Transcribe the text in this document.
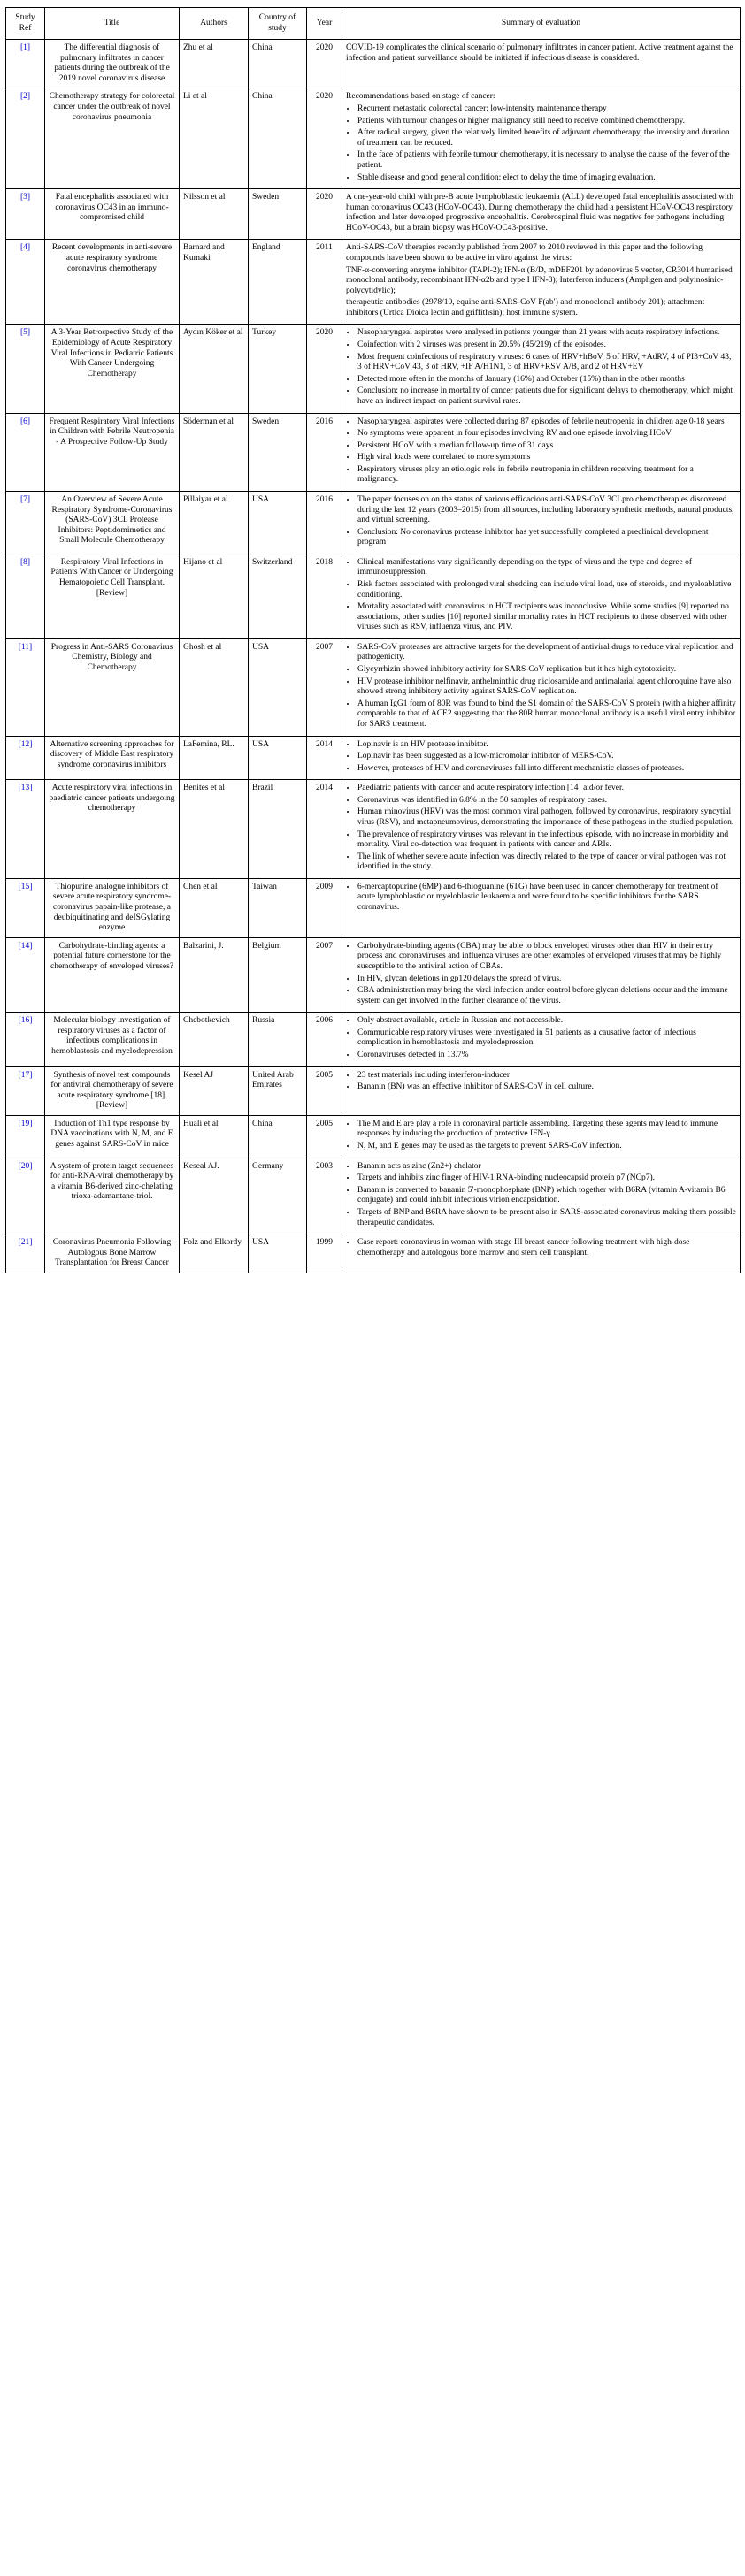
Study Ref	Title	Authors	Country of study	Year	Summary of evaluation
[1]	The differential diagnosis of pulmonary infiltrates in cancer patients during the outbreak of the 2019 novel coronavirus disease	Zhu et al	China	2020	COVID-19 complicates the clinical scenario of pulmonary infiltrates in cancer patient. Active treatment against the infection and patient surveillance should be initiated if infectious disease is considered.

[2]	Chemotherapy strategy for colorectal cancer under the outbreak of novel coronavirus pneumonia	Li et al	China	2020	Recommendations based on stage of cancer:

• Recurrent metastatic colorectal cancer: low-intensity maintenance therapy
• Patients with tumour changes or higher malignancy still need to receive combined chemotherapy.
• After radical surgery, given the relatively limited benefits of adjuvant chemotherapy, the intensity and duration of treatment can be reduced.
• In the face of patients with febrile tumour chemotherapy, it is necessary to analyse the cause of the fever of the patient.
• Stable disease and good general condition: elect to delay the time of imaging evaluation.

[3]	Fatal encephalitis associated with coronavirus OC43 in an immuno-compromised child	Nilsson et al	Sweden	2020	A one-year-old child with pre-B acute lymphoblastic leukaemia (ALL) developed fatal encephalitis associated with human coronavirus OC43 (HCoV-OC43). During chemotherapy the child had a persistent HCoV-OC43 respiratory infection and later developed progressive encephalitis. Cerebrospinal fluid was negative for pathogens including HCoV-OC43, but a brain biopsy was HCoV-OC43-positive.

[4]	Recent developments in anti-severe acute respiratory syndrome coronavirus chemotherapy	Barnard and Kumaki	England	2011	Anti-SARS-CoV therapies recently published from 2007 to 2010 reviewed in this paper and the following compounds have been shown to be active in vitro against the virus:

TNF-α-converting enzyme inhibitor (TAPI-2); IFN-α (B/D, mDEF201 by adenovirus 5 vector, CR3014 humanised monoclonal antibody, recombinant IFN-α2b and type I IFN-β); Interferon inducers (Ampligen and polyinosinic-polycytidylic);

therapeutic antibodies (2978/10, equine anti-SARS-CoV F(ab′) and monoclonal antibody 201); attachment inhibitors (Urtica Dioica lectin and griffithsin); host immune system.

[5]	A 3-Year Retrospective Study of the Epidemiology of Acute Respiratory Viral Infections in Pediatric Patients With Cancer Undergoing Chemotherapy	Aydın Köker et al	Turkey	2020	
•Nasopharyngeal aspirates were analysed in patients younger than 21 years with acute respiratory infections.
• Coinfection with 2 viruses was present in 20.5% (45/219) of the episodes.
• Most frequent coinfections of respiratory viruses: 6 cases of HRV+hBoV, 5 of HRV, +AdRV, 4 of PI3+CoV 43, 3 of HRV+CoV 43, 3 of HRV, +IF A/H1N1, 3 of HRV+RSV A/B, and 2 of HRV+EV
• Detected more often in the months of January (16%) and October (15%) than in the other months
• Conclusion: no increase in mortality of cancer patients due for significant delays to chemotherapy, which might have an indirect impact on patient survival rates.

[6]	Frequent Respiratory Viral Infections in Children with Febrile Neutropenia - A Prospective Follow-Up Study	Söderman et al	Sweden	2016	
•Nasopharyngeal aspirates were collected during 87 episodes of febrile neutropenia in children age 0-18 years
• No symptoms were apparent in four episodes involving RV and one episode involving HCoV
• Persistent HCoV with a median follow-up time of 31 days
• High viral loads were correlated to more symptoms
• Respiratory viruses play an etiologic role in febrile neutropenia in children receiving treatment for a malignancy.

[7]	An Overview of Severe Acute Respiratory Syndrome-Coronavirus (SARS-CoV) 3CL Protease Inhibitors: Peptidomimetics and Small Molecule Chemotherapy	Pillaiyar et al	USA	2016	
•The paper focuses on on the status of various efficacious anti-SARS-CoV 3CLpro chemotherapies discovered during the last 12 years (2003–2015) from all sources, including laboratory synthetic methods, natural products, and virtual screening.
• Conclusion: No coronavirus protease inhibitor has yet successfully completed a preclinical development program

[8]	Respiratory Viral Infections in Patients With Cancer or Undergoing Hematopoietic Cell Transplant. [Review]	Hijano et al	Switzerland	2018	
•Clinical manifestations vary significantly depending on the type of virus and the type and degree of immunosuppression.
• Risk factors associated with prolonged viral shedding can include viral load, use of steroids, and myeloablative conditioning.
• Mortality associated with coronavirus in HCT recipients was inconclusive. While some studies [9] reported no associations, other studies [10] reported similar mortality rates in HCT recipients to those observed with other viruses such as RSV, influenza virus, and PIV.

[11]	Progress in Anti-SARS Coronavirus Chemistry, Biology and Chemotherapy	Ghosh et al	USA	2007	
•SARS-CoV proteases are attractive targets for the development of antiviral drugs to reduce viral replication and pathogenicity.
• Glycyrrhizin showed inhibitory activity for SARS-CoV replication but it has high cytotoxicity.
• HIV protease inhibitor nelfinavir, anthelminthic drug niclosamide and antimalarial agent chloroquine have also showed strong inhibitory activity against SARS-CoV replication.
• A human IgG1 form of 80R was found to bind the S1 domain of the SARS-CoV S protein (with a higher affinity comparable to that of ACE2 suggesting that the 80R human monoclonal antibody is a useful viral entry inhibitor for SARS treatment.

[12]	Alternative screening approaches for discovery of Middle East respiratory syndrome coronavirus inhibitors	LaFemina, RL.	USA	2014	
•Lopinavir is an HIV protease inhibitor.
• Lopinavir has been suggested as a low-micromolar inhibitor of MERS-CoV.
• However, proteases of HIV and coronaviruses fall into different mechanistic classes of proteases.

[13]	Acute respiratory viral infections in paediatric cancer patients undergoing chemotherapy	Benites et al	Brazil	2014	
•Paediatric patients with cancer and acute respiratory infection [14] aid/or fever.
• Coronavirus was identified in 6.8% in the 50 samples of respiratory cases.
• Human rhinovirus (HRV) was the most common viral pathogen, followed by coronavirus, respiratory syncytial virus (RSV), and metapneumovirus, demonstrating the importance of these pathogens in the studied population.
• The prevalence of respiratory viruses was relevant in the infectious episode, with no increase in morbidity and mortality. Viral co-detection was frequent in patients with cancer and ARIs.
• The link of whether severe acute infection was directly related to the type of cancer or viral pathogen was not identified in the study.

[15]	Thiopurine analogue inhibitors of severe acute respiratory syndrome-coronavirus papain-like protease, a deubiquitinating and deISGylating enzyme	Chen et al	Taiwan	2009	
•6-mercaptopurine (6MP) and 6-thioguanine (6TG) have been used in cancer chemotherapy for treatment of acute lymphoblastic or myeloblastic leukaemia and were found to be specific inhibitors for the SARS coronavirus.

[14]	Carbohydrate-binding agents: a potential future cornerstone for the chemotherapy of enveloped viruses?	Balzarini, J.	Belgium	2007	
•Carbohydrate-binding agents (CBA) may be able to block enveloped viruses other than HIV in their entry process and coronaviruses and influenza viruses are other examples of enveloped viruses that may be highly susceptible to the antiviral action of CBAs.
• In HIV, glycan deletions in gp120 delays the spread of virus.
• CBA administration may bring the viral infection under control before glycan deletions occur and the immune system can get involved in the further clearance of the virus.

[16]	Molecular biology investigation of respiratory viruses as a factor of infectious complications in hemoblastosis and myelodepression	Chebotkevich	Russia	2006	
•Only abstract available, article in Russian and not accessible.
• Communicable respiratory viruses were investigated in 51 patients as a causative factor of infectious complication in hemoblastosis and myelodepression
• Coronaviruses detected in 13.7%

[17]	Synthesis of novel test compounds for antiviral chemotherapy of severe acute respiratory syndrome [18]. [Review]	Kesel AJ	United Arab Emirates	2005	
•23 test materials including interferon-inducer
• Bananin (BN) was an effective inhibitor of SARS-CoV in cell culture.

[19]	Induction of Th1 type response by DNA vaccinations with N, M, and E genes against SARS-CoV in mice	Huali et al	China	2005	
•The M and E are play a role in coronaviral particle assembling. Targeting these agents may lead to immune responses by inducing the production of protective IFN-γ.
• N, M, and E genes may be used as the targets to prevent SARS-CoV infection.

[20]	A system of protein target sequences for anti-RNA-viral chemotherapy by a vitamin B6-derived zinc-chelating trioxa-adamantane-triol.	Keseal AJ.	Germany	2003	
•Bananin acts as zinc (Zn2+) chelator
• Targets and inhibits zinc finger of HIV-1 RNA-binding nucleocapsid protein p7 (NCp7).
• Bananin is converted to bananin 5′-monophosphate (BNP) which together with B6RA (vitamin A-vitamin B6 conjugate) and could inhibit infectious virion encapsidation.
• Targets of BNP and B6RA have shown to be present also in SARS-associated coronavirus making them possible therapeutic candidates.

[21]	Coronavirus Pneumonia Following Autologous Bone Marrow Transplantation for Breast Cancer	Folz and Elkordy	USA	1999	
•Case report: coronavirus in woman with stage III breast cancer following treatment with high-dose chemotherapy and autologous bone marrow and stem cell transplant.
